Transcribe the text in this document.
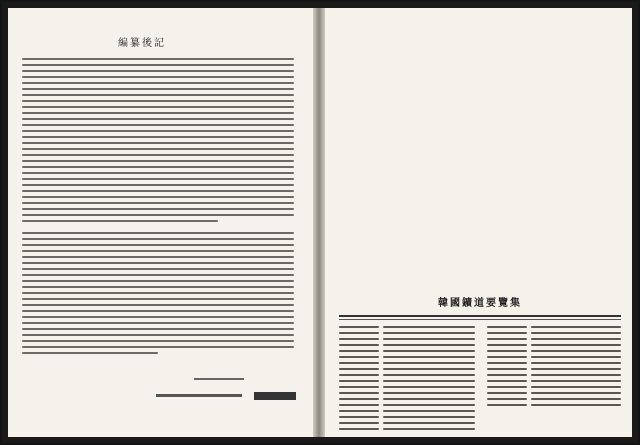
編纂後記
韓國鑛道要覽集
